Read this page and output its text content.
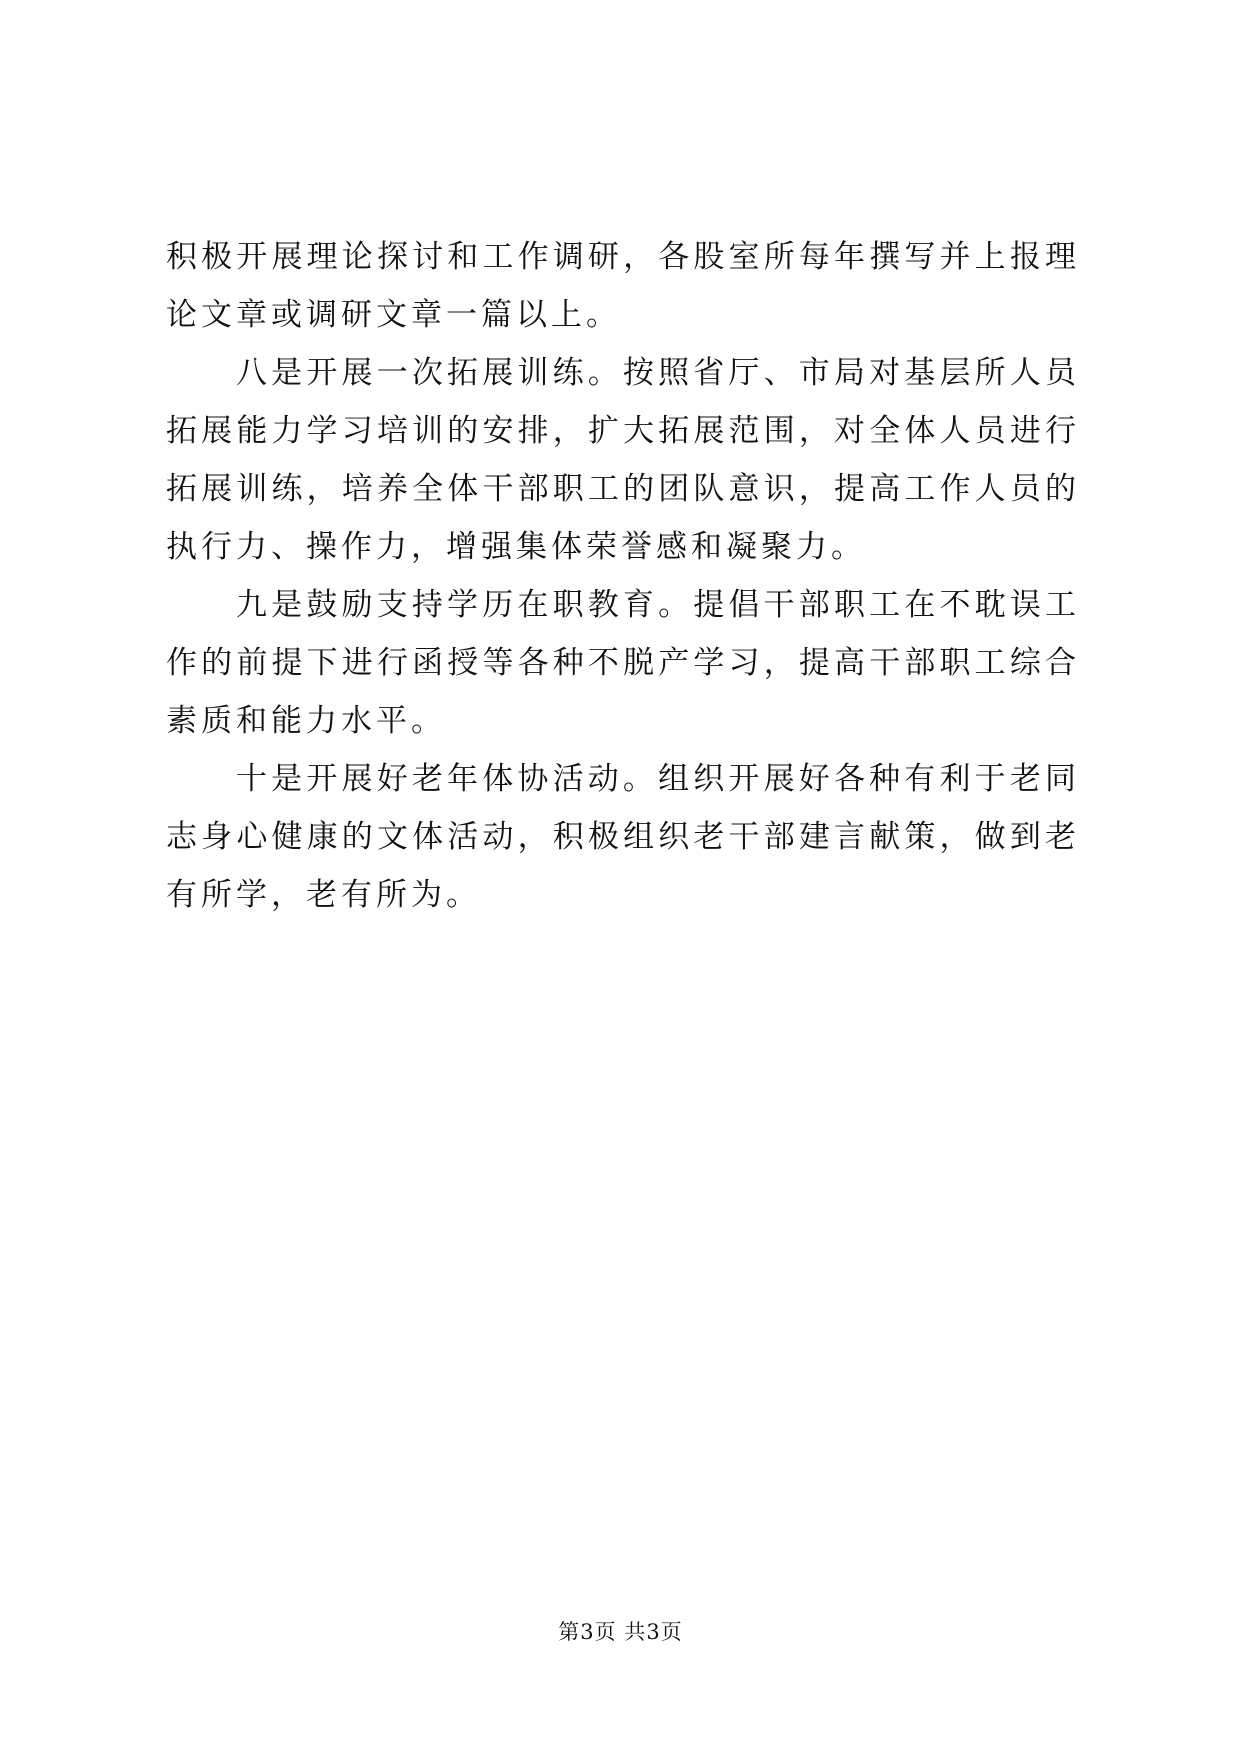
积极开展理论探讨和工作调研，各股室所每年撰写并上报理论文章或调研文章一篇以上。

八是开展一次拓展训练。按照省厅、市局对基层所人员拓展能力学习培训的安排，扩大拓展范围，对全体人员进行拓展训练，培养全体干部职工的团队意识，提高工作人员的执行力、操作力，增强集体荣誉感和凝聚力。

九是鼓励支持学历在职教育。提倡干部职工在不耽误工作的前提下进行函授等各种不脱产学习，提高干部职工综合素质和能力水平。

十是开展好老年体协活动。组织开展好各种有利于老同志身心健康的文体活动，积极组织老干部建言献策，做到老有所学，老有所为。

第3页 共3页
